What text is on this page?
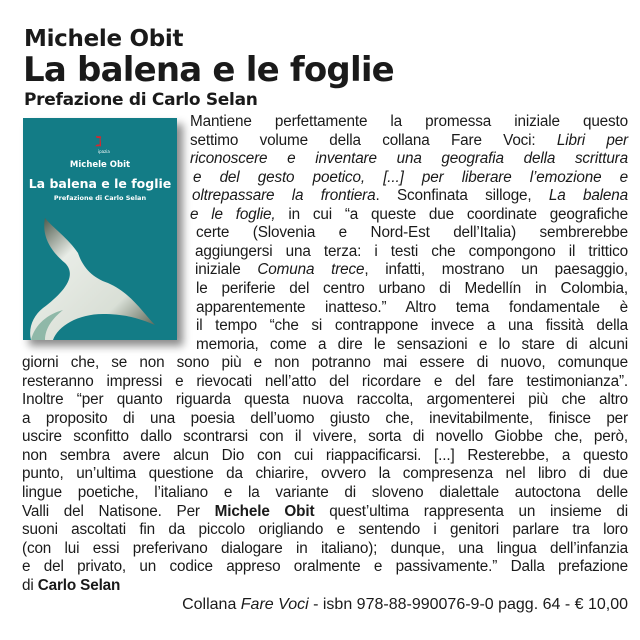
Michele Obit
La balena e le foglie
Prefazione di Carlo Selan
ℷ
ipazia
Michele Obit
La balena e le foglie
Prefazione di Carlo Selan
Mantiene perfettamente la promessa iniziale questo
settimo volume della collana Fare Voci: Libri per
riconoscere e inventare una geografia della scrittura
e del gesto poetico, [...] per liberare l’emozione e
oltrepassare la frontiera. Sconfinata silloge, La balena
e le foglie, in cui “a queste due coordinate geografiche
certe (Slovenia e Nord-Est dell’Italia) sembrerebbe
aggiungersi una terza: i testi che compongono il trittico
iniziale Comuna trece, infatti, mostrano un paesaggio,
le periferie del centro urbano di Medellín in Colombia,
apparentemente inatteso.” Altro tema fondamentale è
il tempo “che si contrappone invece a una fissità della
memoria, come a dire le sensazioni e lo stare di alcuni
giorni che, se non sono più e non potranno mai essere di nuovo, comunque
resteranno impressi e rievocati nell’atto del ricordare e del fare testimonianza”.
Inoltre “per quanto riguarda questa nuova raccolta, argomenterei più che altro
a proposito di una poesia dell’uomo giusto che, inevitabilmente, finisce per
uscire sconfitto dallo scontrarsi con il vivere, sorta di novello Giobbe che, però,
non sembra avere alcun Dio con cui riappacificarsi. [...] Resterebbe, a questo
punto, un’ultima questione da chiarire, ovvero la compresenza nel libro di due
lingue poetiche, l’italiano e la variante di sloveno dialettale autoctona delle
Valli del Natisone. Per Michele Obit quest’ultima rappresenta un insieme di
suoni ascoltati fin da piccolo origliando e sentendo i genitori parlare tra loro
(con lui essi preferivano dialogare in italiano); dunque, una lingua dell’infanzia
e del privato, un codice appreso oralmente e passivamente.” Dalla prefazione
di Carlo Selan
Collana Fare Voci - isbn 978-88-990076-9-0 pagg. 64 - € 10,00
